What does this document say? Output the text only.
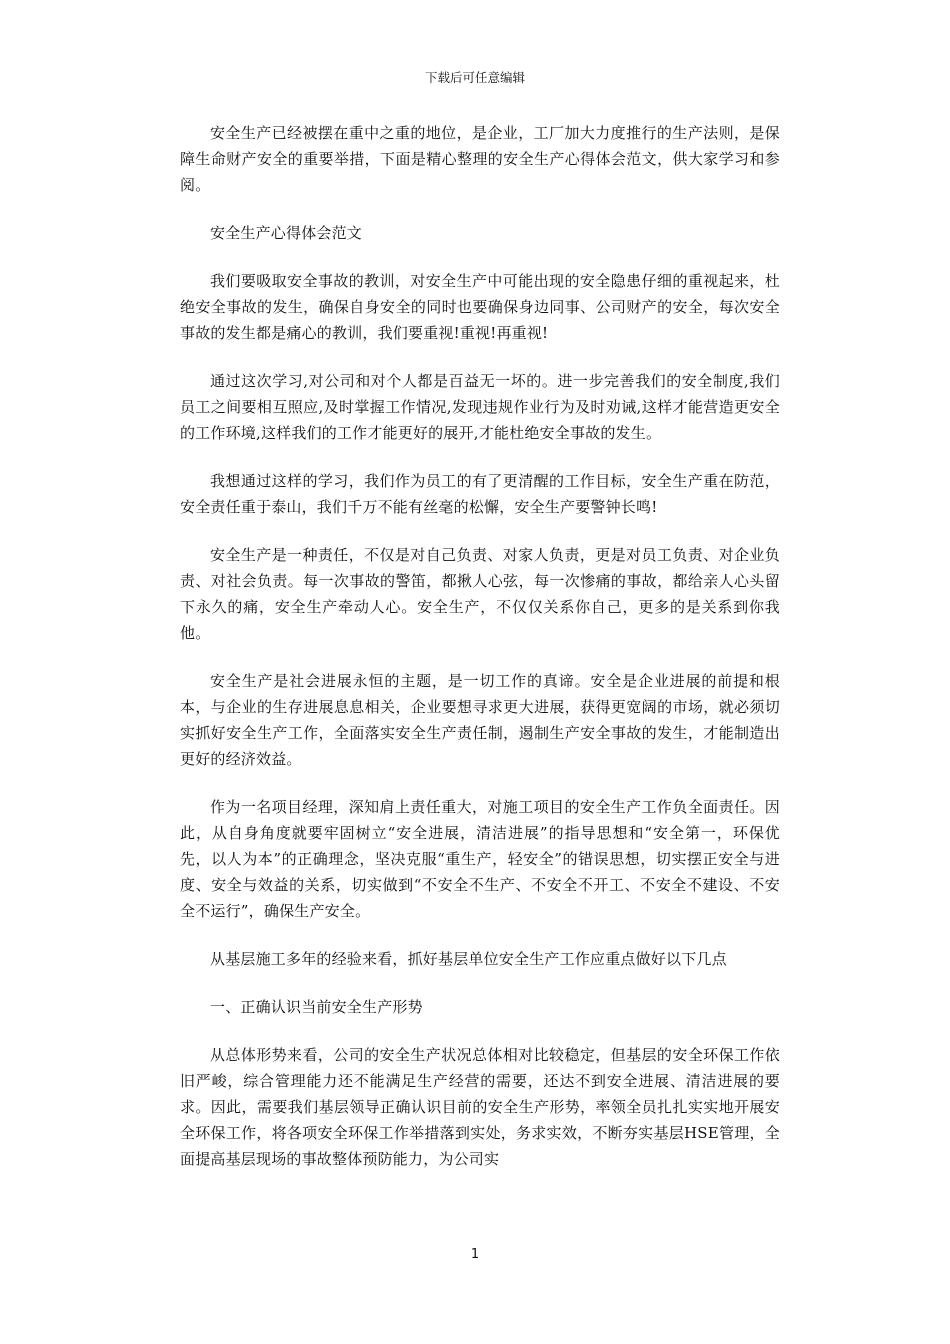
下载后可任意编辑

安全生产已经被摆在重中之重的地位，是企业，工厂加大力度推行的生产法则，是保障生命财产安全的重要举措，下面是精心整理的安全生产心得体会范文，供大家学习和参阅。

安全生产心得体会范文

我们要吸取安全事故的教训，对安全生产中可能出现的安全隐患仔细的重视起来，杜绝安全事故的发生，确保自身安全的同时也要确保身边同事、公司财产的安全，每次安全事故的发生都是痛心的教训，我们要重视!重视!再重视!

通过这次学习,对公司和对个人都是百益无一坏的。进一步完善我们的安全制度,我们员工之间要相互照应,及时掌握工作情况,发现违规作业行为及时劝诫,这样才能营造更安全的工作环境,这样我们的工作才能更好的展开,才能杜绝安全事故的发生。

我想通过这样的学习，我们作为员工的有了更清醒的工作目标，安全生产重在防范，安全责任重于泰山，我们千万不能有丝毫的松懈，安全生产要警钟长鸣!

安全生产是一种责任，不仅是对自己负责、对家人负责，更是对员工负责、对企业负责、对社会负责。每一次事故的警笛，都揪人心弦，每一次惨痛的事故，都给亲人心头留下永久的痛，安全生产牵动人心。安全生产，不仅仅关系你自己，更多的是关系到你我他。

安全生产是社会进展永恒的主题，是一切工作的真谛。安全是企业进展的前提和根本，与企业的生存进展息息相关，企业要想寻求更大进展，获得更宽阔的市场，就必须切实抓好安全生产工作，全面落实安全生产责任制，遏制生产安全事故的发生，才能制造出更好的经济效益。

作为一名项目经理，深知肩上责任重大，对施工项目的安全生产工作负全面责任。因此，从自身角度就要牢固树立“安全进展，清洁进展”的指导思想和“安全第一，环保优先，以人为本”的正确理念，坚决克服“重生产，轻安全”的错误思想，切实摆正安全与进度、安全与效益的关系，切实做到“不安全不生产、不安全不开工、不安全不建设、不安全不运行”，确保生产安全。

从基层施工多年的经验来看，抓好基层单位安全生产工作应重点做好以下几点

一、正确认识当前安全生产形势

从总体形势来看，公司的安全生产状况总体相对比较稳定，但基层的安全环保工作依旧严峻，综合管理能力还不能满足生产经营的需要，还达不到安全进展、清洁进展的要求。因此，需要我们基层领导正确认识目前的安全生产形势，率领全员扎扎实实地开展安全环保工作，将各项安全环保工作举措落到实处，务求实效，不断夯实基层HSE管理，全面提高基层现场的事故整体预防能力，为公司实

1
